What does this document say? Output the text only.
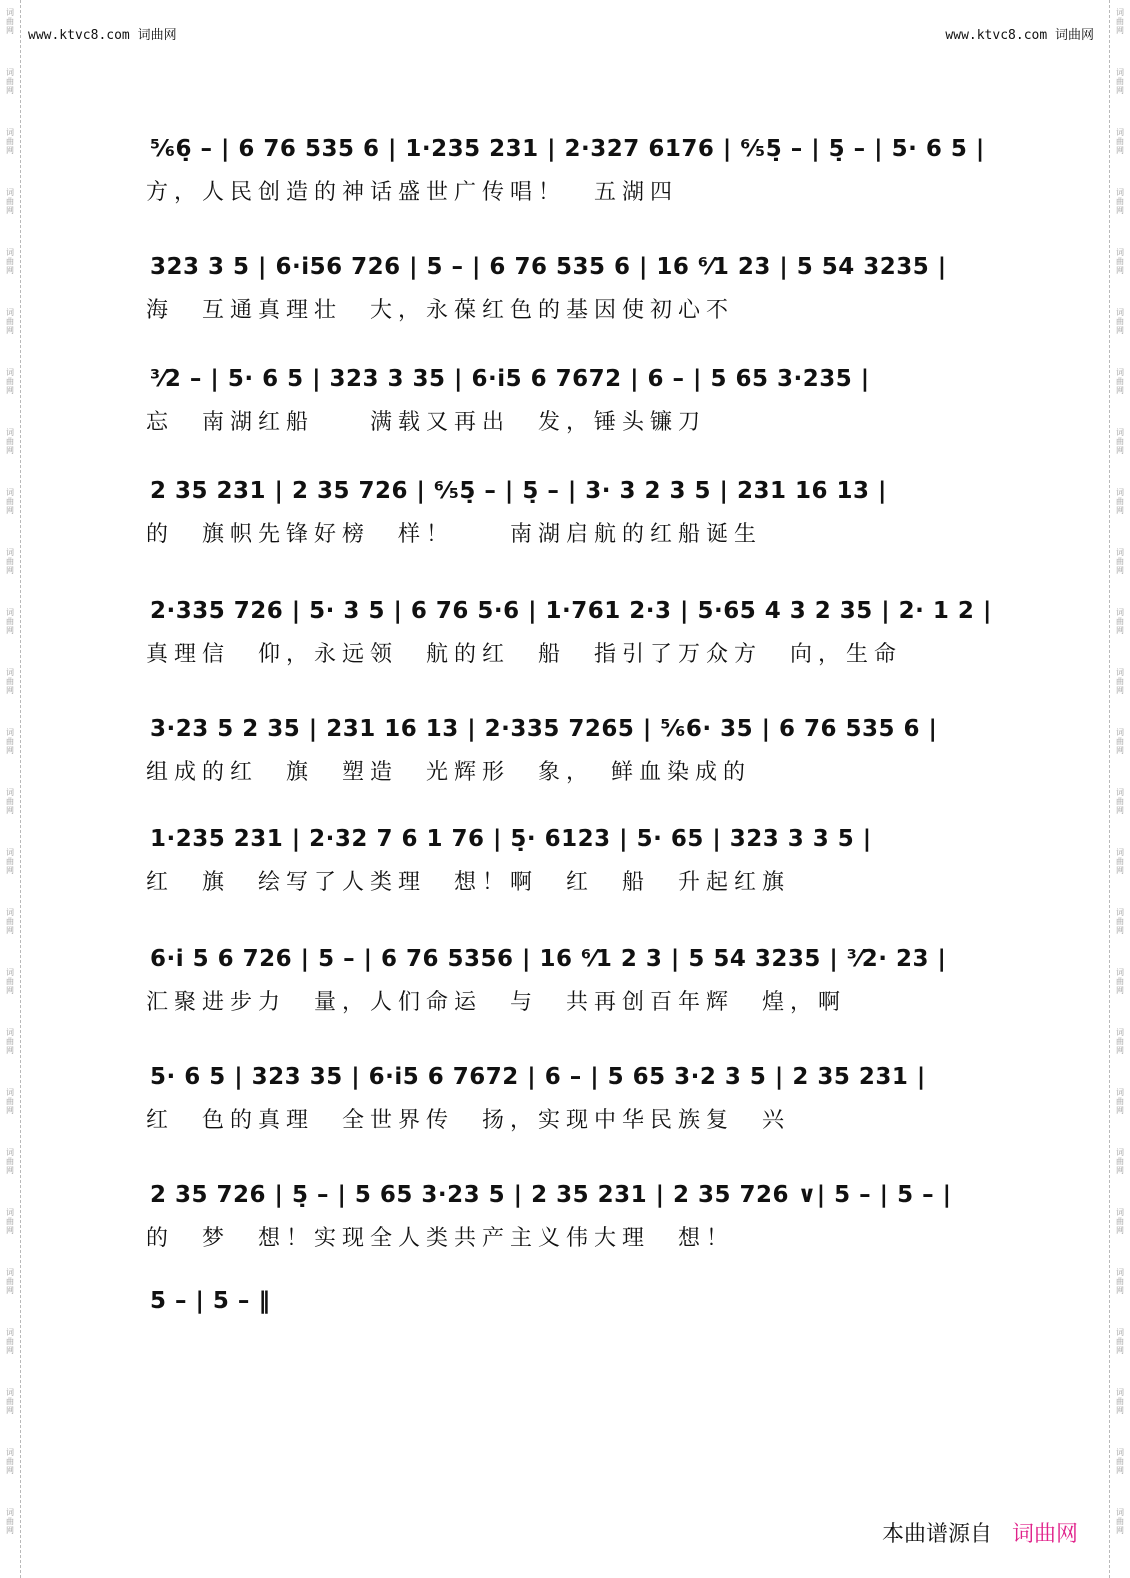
词
曲
网
词
曲
网
词
曲
网
词
曲
网
词
曲
网
词
曲
网
词
曲
网
词
曲
网
词
曲
网
词
曲
网
词
曲
网
词
曲
网
词
曲
网
词
曲
网
词
曲
网
词
曲
网
词
曲
网
词
曲
网
词
曲
网
词
曲
网
词
曲
网
词
曲
网
词
曲
网
词
曲
网
词
曲
网
词
曲
网
词
曲
网
词
曲
网
词
曲
网
词
曲
网
词
曲
网
词
曲
网
词
曲
网
词
曲
网
词
曲
网
词
曲
网
词
曲
网
词
曲
网
词
曲
网
词
曲
网
词
曲
网
词
曲
网
词
曲
网
词
曲
网
词
曲
网
词
曲
网
词
曲
网
词
曲
网
词
曲
网
词
曲
网
词
曲
网
词
曲
网
www.ktvc8.com 词曲网	www.ktvc8.com 词曲网
⁵⁄₆6̣ – | 6 76 535 6 | 1·235 231 | 2·327 6176 | ⁶⁄₅5̣ – | 5̣ – | 5· 6 5 |
方，人民创造的神话盛世广传唱！　五湖四
323 3 5 | 6·i56 726 | 5 – | 6 76 535 6 | 16 ⁶⁄1 23 | 5 54 3235 |
海　互通真理壮　大，永葆红色的基因使初心不
³⁄2 – | 5· 6 5 | 323 3 35 | 6·i5 6 7672 | 6 – | 5 65 3·235 |
忘　南湖红船　　满载又再出　发，锤头镰刀
2 35 231 | 2 35 726 | ⁶⁄₅5̣ – | 5̣ – | 3· 3 2 3 5 | 231 16 13 |
的　旗帜先锋好榜　样！　　南湖启航的红船诞生
2·335 726 | 5· 3 5 | 6 76 5·6 | 1·761 2·3 | 5·65 4 3 2 35 | 2· 1 2 |
真理信　仰，永远领　航的红　船　指引了万众方　向，生命
3·23 5 2 35 | 231 16 13 | 2·335 7265 | ⁵⁄₆6· 35 | 6 76 535 6 |
组成的红　旗　塑造　光辉形　象，　鲜血染成的
1·235 231 | 2·32 7 6 1 76 | 5̣· 6123 | 5· 65 | 323 3 3 5 |
红　旗　绘写了人类理　想！啊　红　船　升起红旗
6·i 5 6 726 | 5 – | 6 76 5356 | 16 ⁶⁄1 2 3 | 5 54 3235 | ³⁄2· 23 |
汇聚进步力　量，人们命运　与　共再创百年辉　煌，啊
5· 6 5 | 323 35 | 6·i5 6 7672 | 6 – | 5 65 3·2 3 5 | 2 35 231 |
红　色的真理　全世界传　扬，实现中华民族复　兴
2 35 726 | 5̣ – | 5 65 3·23 5 | 2 35 231 | 2 35 726 ∨| 5 – | 5 – |
的　梦　想！实现全人类共产主义伟大理　想！
5 – | 5 – ‖
本曲谱源自 词曲网
